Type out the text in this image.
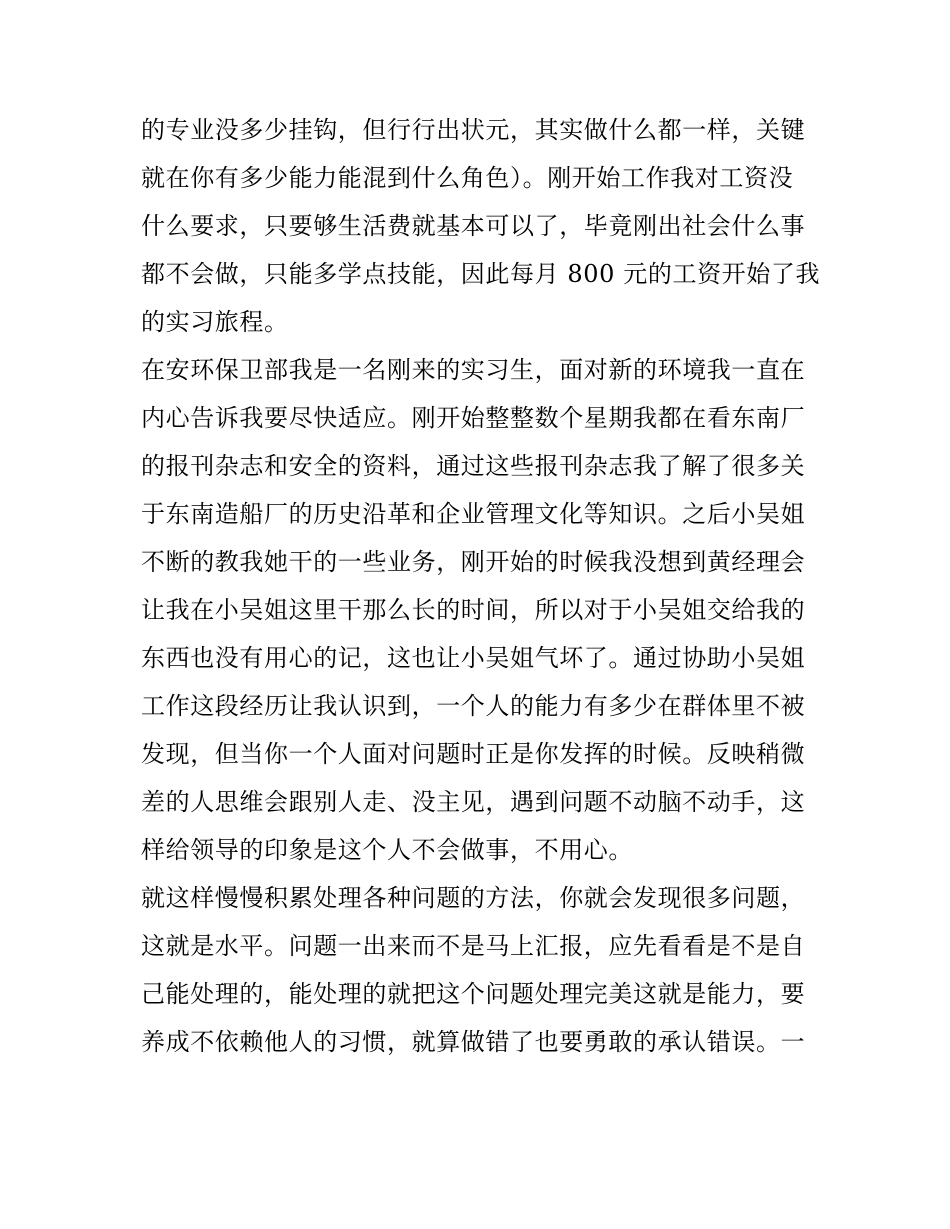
的专业没多少挂钩，但行行出状元，其实做什么都一样，关键
就在你有多少能力能混到什么角色）。刚开始工作我对工资没
什么要求，只要够生活费就基本可以了，毕竟刚出社会什么事
都不会做，只能多学点技能，因此每月 800 元的工资开始了我
的实习旅程。
在安环保卫部我是一名刚来的实习生，面对新的环境我一直在
内心告诉我要尽快适应。刚开始整整数个星期我都在看东南厂
的报刊杂志和安全的资料，通过这些报刊杂志我了解了很多关
于东南造船厂的历史沿革和企业管理文化等知识。之后小吴姐
不断的教我她干的一些业务，刚开始的时候我没想到黄经理会
让我在小吴姐这里干那么长的时间，所以对于小吴姐交给我的
东西也没有用心的记，这也让小吴姐气坏了。通过协助小吴姐
工作这段经历让我认识到，一个人的能力有多少在群体里不被
发现，但当你一个人面对问题时正是你发挥的时候。反映稍微
差的人思维会跟别人走、没主见，遇到问题不动脑不动手，这
样给领导的印象是这个人不会做事，不用心。
就这样慢慢积累处理各种问题的方法，你就会发现很多问题，
这就是水平。问题一出来而不是马上汇报，应先看看是不是自
己能处理的，能处理的就把这个问题处理完美这就是能力，要
养成不依赖他人的习惯，就算做错了也要勇敢的承认错误。一
